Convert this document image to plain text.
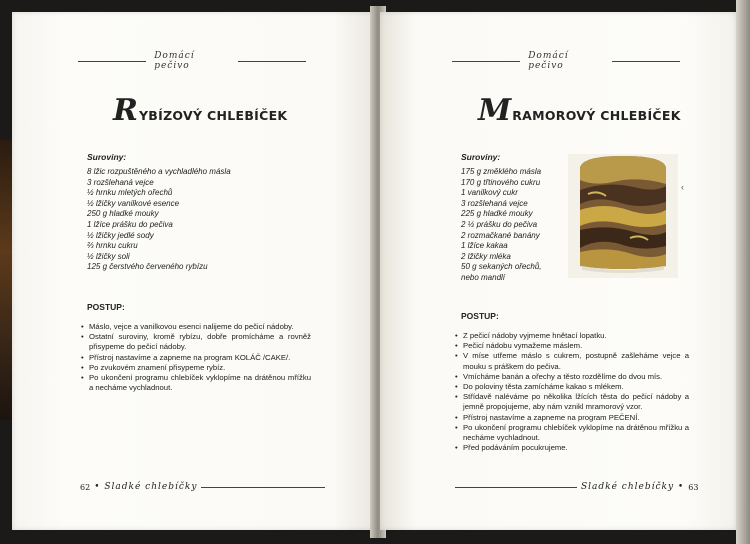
Domácí pečivo
R YBÍZOVÝ CHLEBÍČEK
Suroviny:
8 lžic rozpuštěného a vychladlého másla
3 rozšlehaná vejce
½ hrnku mletých ořechů
½ lžičky vanilkové esence
250 g hladké mouky
1 lžíce prášku do pečiva
½ lžičky jedlé sody
⅔ hrnku cukru
½ lžičky soli
125 g čerstvého červeného rybízu
POSTUP:
• Máslo, vejce a vanilkovou esenci nalijeme do pečicí nádoby.
• Ostatní suroviny, kromě rybízu, dobře promícháme a rovněž přisypeme do pečicí nádoby.
• Přístroj nastavíme a zapneme na program KOLÁČ /CAKE/.
• Po zvukovém znamení přisypeme rybíz.
• Po ukončení programu chlebíček vyklopíme na drátěnou mřížku a necháme vychladnout.
62 • Sladké chlebíčky
Domácí pečivo
M RAMOROVÝ CHLEBÍČEK
Suroviny:
175 g změklého másla
170 g třtinového cukru
1 vanilkový cukr
3 rozšlehaná vejce
225 g hladké mouky
2 ½ prášku do pečiva
2 rozmačkané banány
1 lžíce kakaa
2 lžičky mléka
50 g sekaných ořechů,
nebo mandlí
‹
POSTUP:
• Z pečicí nádoby vyjmeme hnětací lopatku.
• Pečicí nádobu vymažeme máslem.
• V míse utřeme máslo s cukrem, postupně zašleháme vejce a mouku s práškem do pečiva.
• Vmícháme banán a ořechy a těsto rozdělíme do dvou mís.
• Do poloviny těsta zamícháme kakao s mlékem.
• Střídavě naléváme po několika lžících těsta do pečicí nádoby a jemně propojujeme, aby nám vznikl mramorový vzor.
• Přístroj nastavíme a zapneme na program PEČENÍ.
• Po ukončení programu chlebíček vyklopíme na drátěnou mřížku a necháme vychladnout.
• Před podáváním pocukrujeme.
Sladké chlebíčky • 63
